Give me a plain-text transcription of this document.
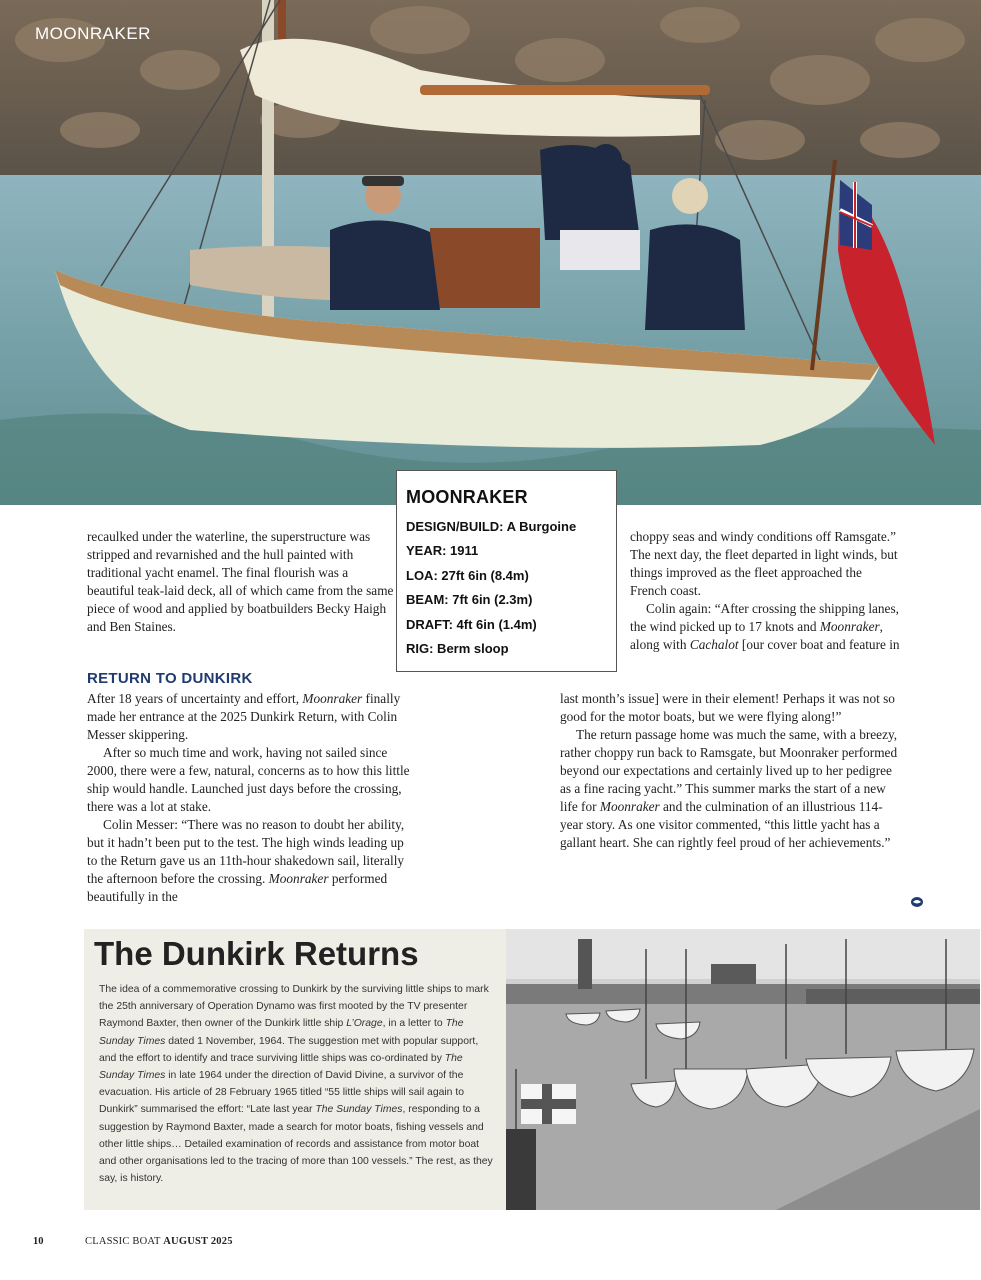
MOONRAKER
MOONRAKER
DESIGN/BUILD: A Burgoine
YEAR: 1911
LOA: 27ft 6in (8.4m)
BEAM: 7ft 6in (2.3m)
DRAFT: 4ft 6in (1.4m)
RIG: Berm sloop

recaulked under the waterline, the superstructure was stripped and revarnished and the hull painted with traditional yacht enamel. The final flourish was a beautiful teak-laid deck, all of which came from the same piece of wood and applied by boatbuilders Becky Haigh and Ben Staines.

RETURN TO DUNKIRK

After 18 years of uncertainty and effort, Moonraker finally made her entrance at the 2025 Dunkirk Return, with Colin Messer skippering.

After so much time and work, having not sailed since 2000, there were a few, natural, concerns as to how this little ship would handle. Launched just days before the crossing, there was a lot at stake.

Colin Messer: “There was no reason to doubt her ability, but it hadn’t been put to the test. The high winds leading up to the Return gave us an 11th-hour shakedown sail, literally the afternoon before the crossing. Moonraker performed beautifully in the

choppy seas and windy conditions off Ramsgate.” The next day, the fleet departed in light winds, but things improved as the fleet approached the French coast.

Colin again: “After crossing the shipping lanes, the wind picked up to 17 knots and Moonraker, along with Cachalot [our cover boat and feature in

last month’s issue] were in their element! Perhaps it was not so good for the motor boats, but we were flying along!”

The return passage home was much the same, with a breezy, rather choppy run back to Ramsgate, but Moonraker performed beyond our expectations and certainly lived up to her pedigree as a fine racing yacht.” This summer marks the start of a new life for Moonraker and the culmination of an illustrious 114-year story. As one visitor commented, “this little yacht has a gallant heart. She can rightly feel proud of her achievements.”

The Dunkirk Returns
The idea of a commemorative crossing to Dunkirk by the surviving little ships to mark the 25th anniversary of Operation Dynamo was first mooted by the TV presenter Raymond Baxter, then owner of the Dunkirk little ship L’Orage, in a letter to The Sunday Times dated 1 November, 1964. The suggestion met with popular support, and the effort to identify and trace surviving little ships was co-ordinated by The Sunday Times in late 1964 under the direction of David Divine, a survivor of the evacuation. His article of 28 February 1965 titled “55 little ships will sail again to Dunkirk” summarised the effort: “Late last year The Sunday Times, responding to a suggestion by Raymond Baxter, made a search for motor boats, fishing vessels and other little ships… Detailed examination of records and assistance from motor boat and other organisations led to the tracing of more than 100 vessels.” The rest, as they say, is history.
10	CLASSIC BOAT AUGUST 2025
